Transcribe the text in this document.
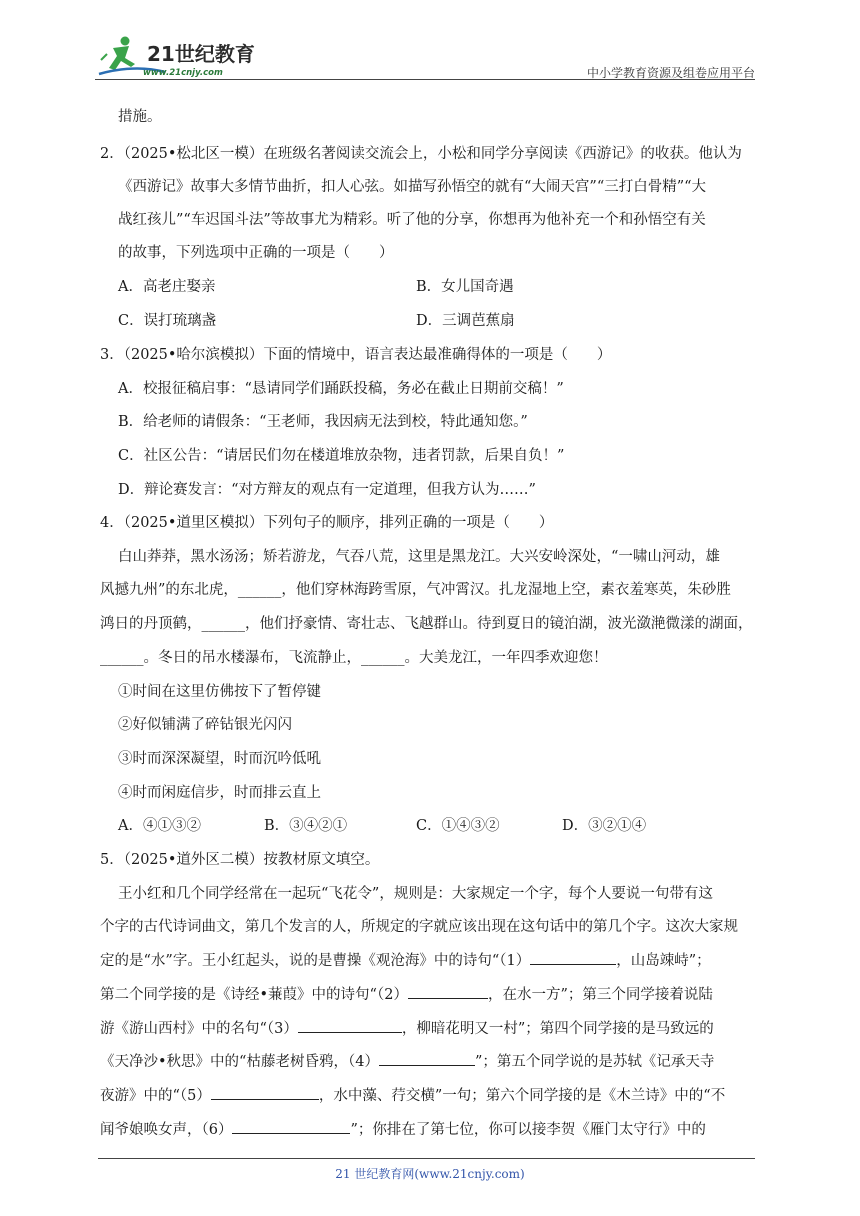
21世纪教育
www.21cnjy.com	中小学教育资源及组卷应用平台
措施。
2．（2025•松北区一模）在班级名著阅读交流会上，小松和同学分享阅读《西游记》的收获。他认为
《西游记》故事大多情节曲折，扣人心弦。如描写孙悟空的就有“大闹天宫”“三打白骨精”“大
战红孩儿”“车迟国斗法”等故事尤为精彩。听了他的分享，你想再为他补充一个和孙悟空有关
的故事，下列选项中正确的一项是（　　）
A．高老庄娶亲	B．女儿国奇遇
C．误打琉璃盏	D．三调芭蕉扇
3．（2025•哈尔滨模拟）下面的情境中，语言表达最准确得体的一项是（　　）
A．校报征稿启事：“恳请同学们踊跃投稿，务必在截止日期前交稿！”
B．给老师的请假条：“王老师，我因病无法到校，特此通知您。”
C．社区公告：“请居民们勿在楼道堆放杂物，违者罚款，后果自负！”
D．辩论赛发言：“对方辩友的观点有一定道理，但我方认为……”
4．（2025•道里区模拟）下列句子的顺序，排列正确的一项是（　　）
白山莽莽，黑水汤汤；矫若游龙，气吞八荒，这里是黑龙江。大兴安岭深处，“一啸山河动，雄
风撼九州”的东北虎，______，他们穿林海跨雪原，气冲霄汉。扎龙湿地上空，素衣羞寒英，朱砂胜
鸿日的丹顶鹤，______，他们抒豪情、寄壮志、飞越群山。待到夏日的镜泊湖，波光潋滟微漾的湖面，
______。冬日的吊水楼瀑布，飞流静止，______。大美龙江，一年四季欢迎您！
①时间在这里仿佛按下了暂停键
②好似铺满了碎钻银光闪闪
③时而深深凝望，时而沉吟低吼
④时而闲庭信步，时而排云直上
A．④①③②	B．③④②①	C．①④③②	D．③②①④
5．（2025•道外区二模）按教材原文填空。
王小红和几个同学经常在一起玩“飞花令”，规则是：大家规定一个字，每个人要说一句带有这
个字的古代诗词曲文，第几个发言的人，所规定的字就应该出现在这句话中的第几个字。这次大家规
定的是“水”字。王小红起头，说的是曹操《观沧海》中的诗句“（1）	，山岛竦峙”；
第二个同学接的是《诗经•蒹葭》中的诗句“（2）	，在水一方”；第三个同学接着说陆
游《游山西村》中的名句“（3）	，柳暗花明又一村”；第四个同学接的是马致远的
《天净沙•秋思》中的“枯藤老树昏鸦，（4）	”；第五个同学说的是苏轼《记承天寺
夜游》中的“（5）	，水中藻、荇交横”一句；第六个同学接的是《木兰诗》中的“不
闻爷娘唤女声，（6）	”；你排在了第七位，你可以接李贺《雁门太守行》中的
21 世纪教育网(www.21cnjy.com)
